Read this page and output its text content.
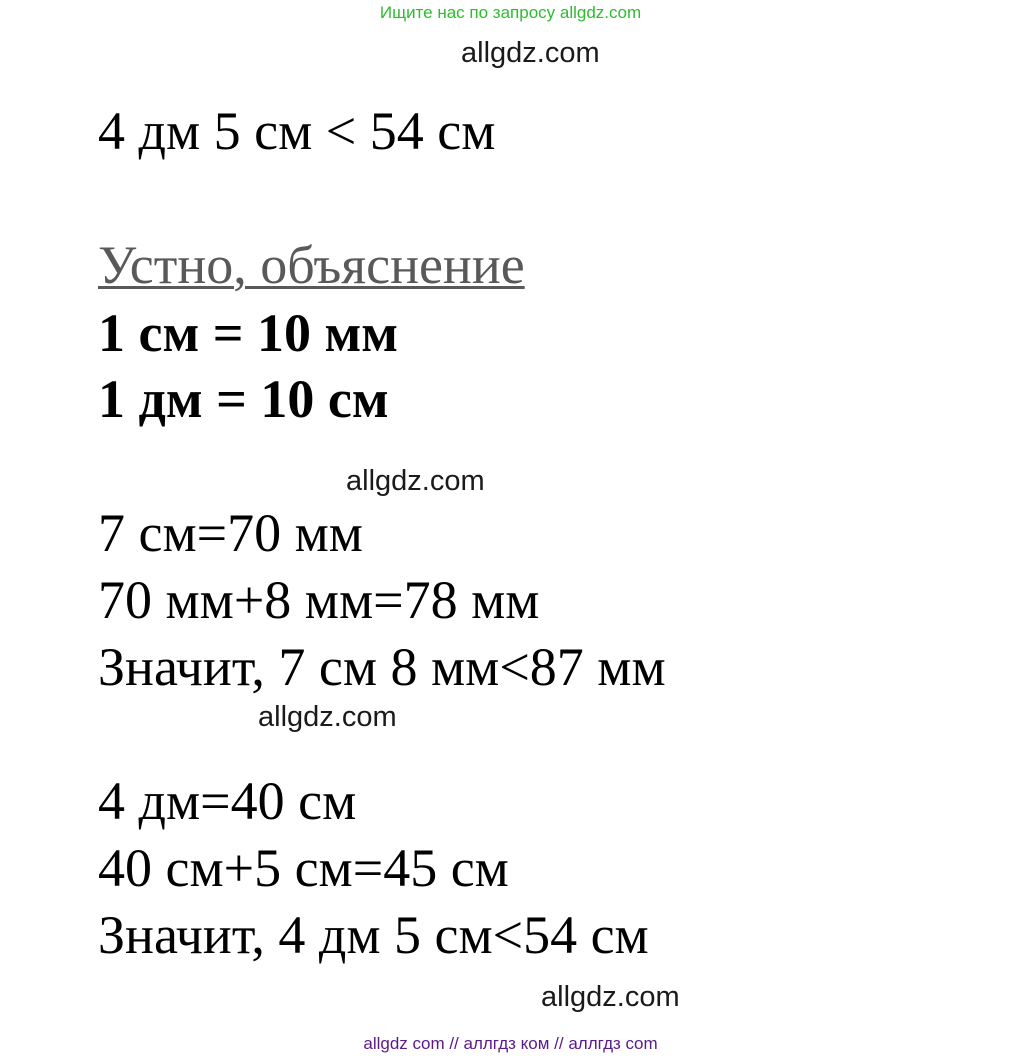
Ищите нас по запросу allgdz.com
allgdz.com
4 дм 5 см < 54 см
Устно, объяснение
1 см = 10 мм
1 дм = 10 см
allgdz.com
7 см=70 мм
70 мм+8 мм=78 мм
Значит, 7 см 8 мм<87 мм
allgdz.com
4 дм=40 см
40 см+5 см=45 см
Значит, 4 дм 5 см<54 см
allgdz.com
allgdz com // аллгдз ком // аллгдз com
